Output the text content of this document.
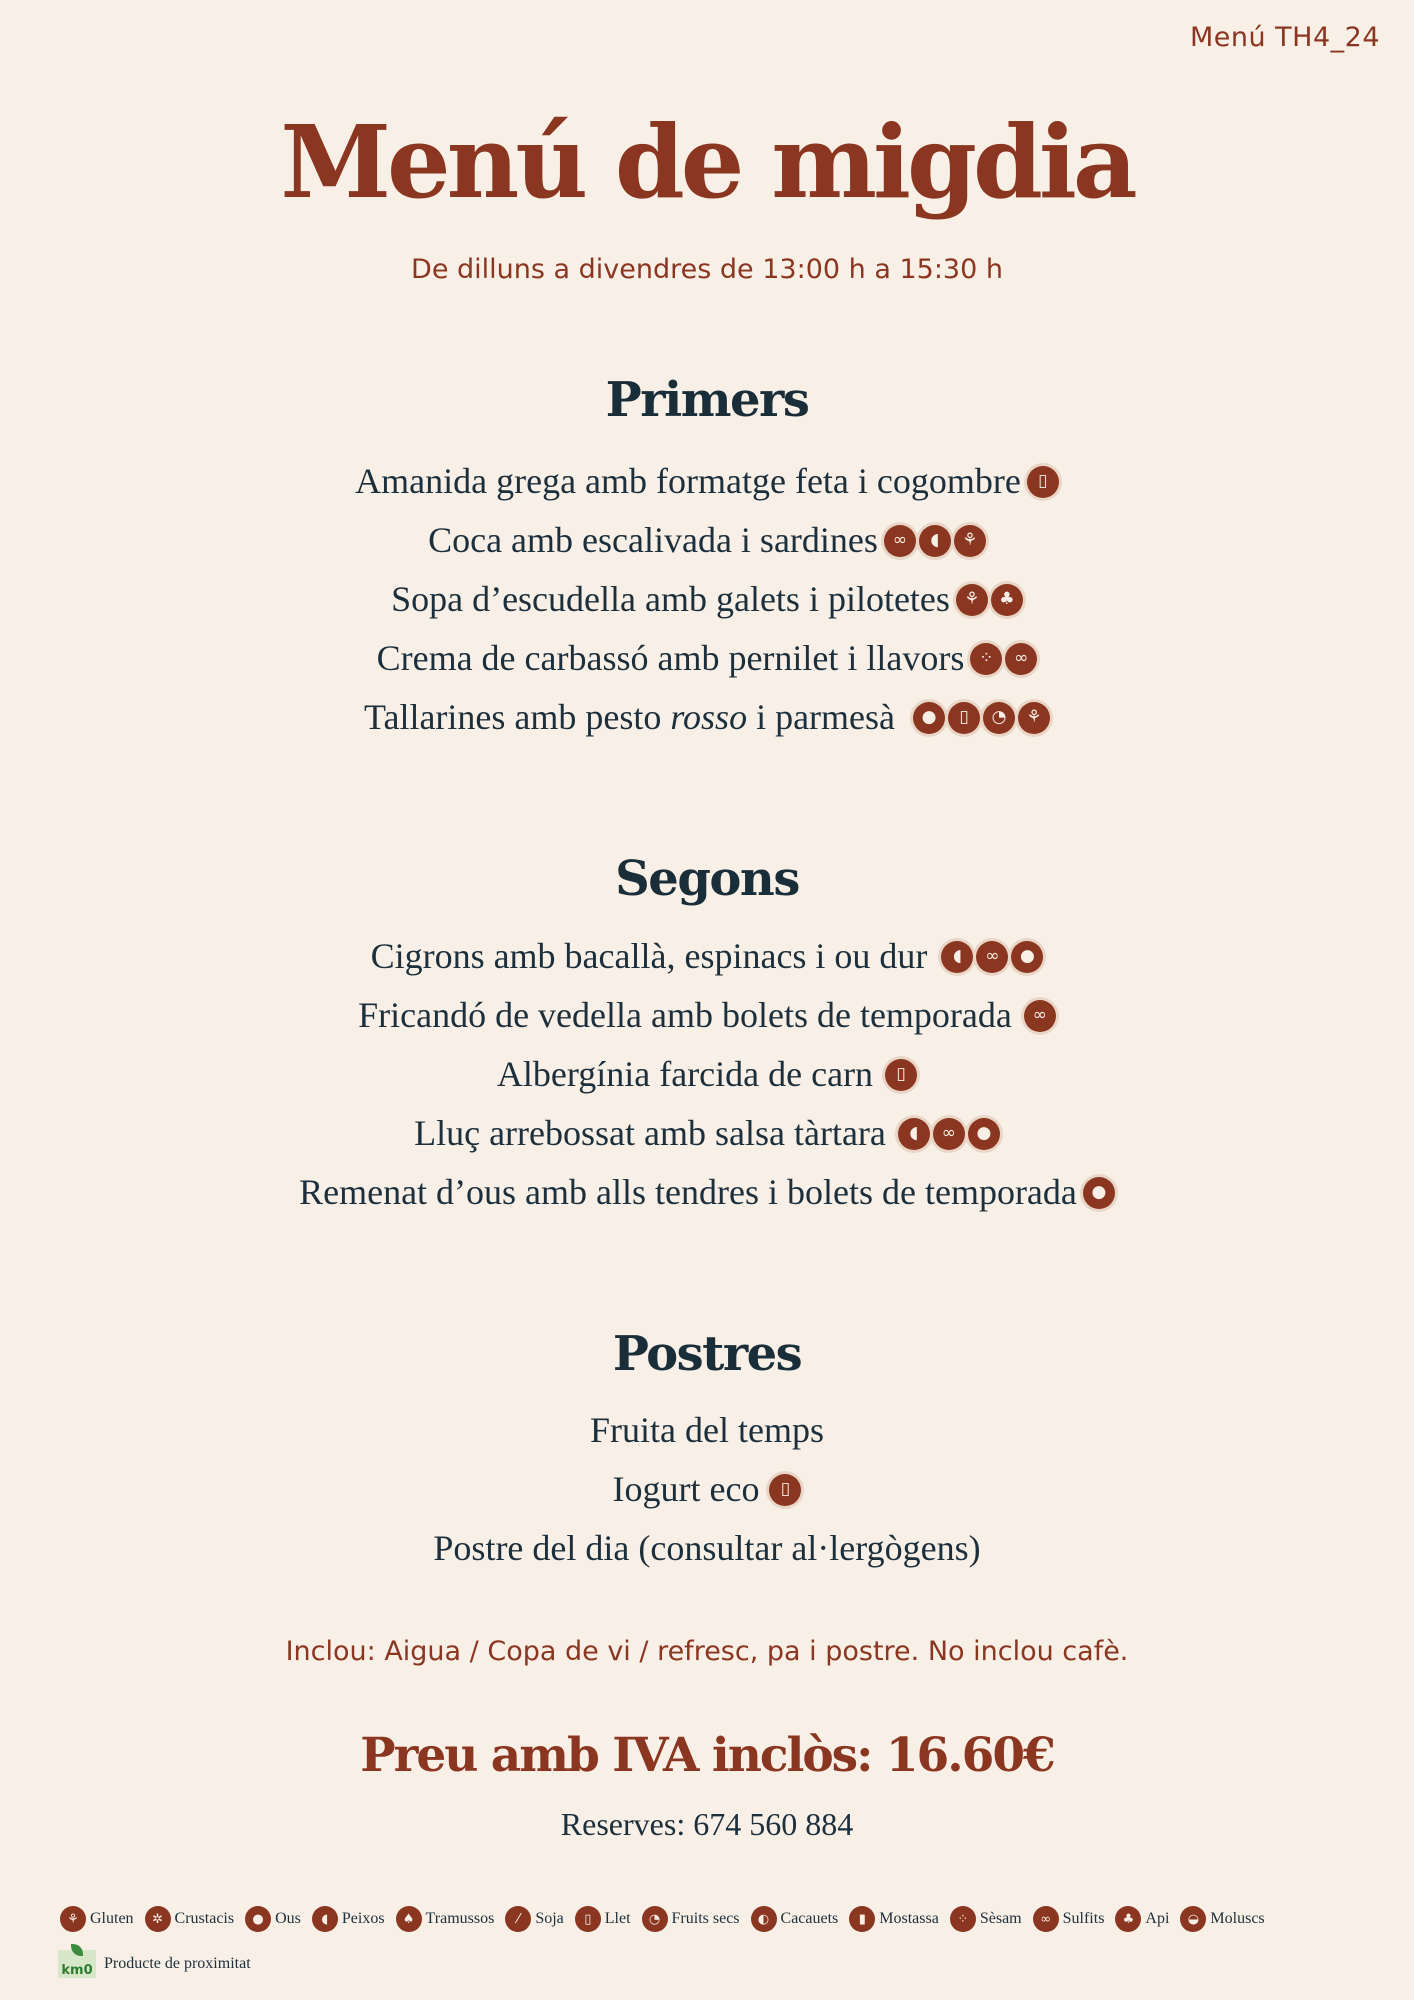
Menú TH4_24
Menú de migdia
De dilluns a divendres de 13:00 h a 15:30 h
Primers
Amanida grega amb formatge feta i cogombre ▯
Coca amb escalivada i sardines ∞ ◖ ⚘
Sopa d’escudella amb galets i pilotetes ⚘ ♣
Crema de carbassó amb pernilet i llavors ⁘ ∞
Tallarines amb pesto rosso i parmesà ● ▯ ◔ ⚘
Segons
Cigrons amb bacallà, espinacs i ou dur ◖ ∞ ●
Fricandó de vedella amb bolets de temporada ∞
Albergínia farcida de carn ▯
Lluç arrebossat amb salsa tàrtara ◖ ∞ ●
Remenat d’ous amb alls tendres i bolets de temporada ●
Postres
Fruita del temps
Iogurt eco ▯
Postre del dia (consultar al·lergògens)
Inclou: Aigua / Copa de vi / refresc, pa i postre. No inclou cafè.
Preu amb IVA inclòs: 16.60€
Reserves: 674 560 884
⚘ Gluten	✲ Crustacis	● Ous	◖ Peixos	♠ Tramussos	⁄ Soja	▯ Llet	◔ Fruits secs	◐ Cacauets	▮ Mostassa	⁘ Sèsam	∞ Sulfits	♣ Api	◒ Moluscs
km0 Producte de proximitat
